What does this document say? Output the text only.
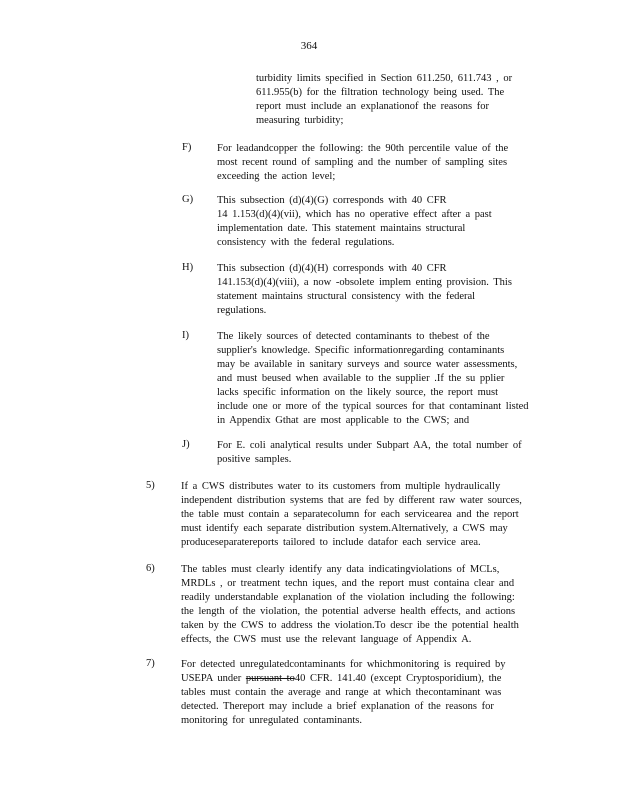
364
turbidity limits specified in Section 611.250, 611.743 , or
611.955(b) for the filtration technology being used. The
report must include an explanationof the reasons for
measuring turbidity;
F) For leadandcopper the following: the 90th percentile value of the
most recent round of sampling and the number of sampling sites
exceeding the action level;
G) This subsection (d)(4)(G) corresponds with 40 CFR
14 1.153(d)(4)(vii), which has no operative effect after a past
implementation date. This statement maintains structural
consistency with the federal regulations.
H) This subsection (d)(4)(H) corresponds with 40 CFR
141.153(d)(4)(viii), a now -obsolete implem enting provision. This
statement maintains structural consistency with the federal
regulations.
I)	The likely sources of detected contaminants to thebest of the
supplier's knowledge. Specific informationregarding contaminants
may be available in sanitary surveys and source water assessments,
and must beused when available to the supplier .If the su pplier
lacks specific information on the likely source, the report must
include one or more of the typical sources for that contaminant listed
in Appendix Gthat are most applicable to the CWS; and
J)	For E. coli analytical results under Subpart AA, the total number of
positive samples.
5)	If a CWS distributes water to its customers from multiple hydraulically
independent distribution systems that are fed by different raw water sources,
the table must contain a separatecolumn for each servicearea and the report
must identify each separate distribution system.Alternatively, a CWS may
produceseparatereports tailored to include datafor each service area.
6)	The tables must clearly identify any data indicatingviolations of MCLs,
MRDLs , or treatment techn iques, and the report must containa clear and
readily understandable explanation of the violation including the following:
the length of the violation, the potential adverse health effects, and actions
taken by the CWS to address the violation.To descr ibe the potential health
effects, the CWS must use the relevant language of Appendix A.
7)	For detected unregulatedcontaminants for whichmonitoring is required by
USEPA under pursuant to40 CFR. 141.40 (except Cryptosporidium), the
tables must contain the average and range at which thecontaminant was
detected. Thereport may include a brief explanation of the reasons for
monitoring for unregulated contaminants.
